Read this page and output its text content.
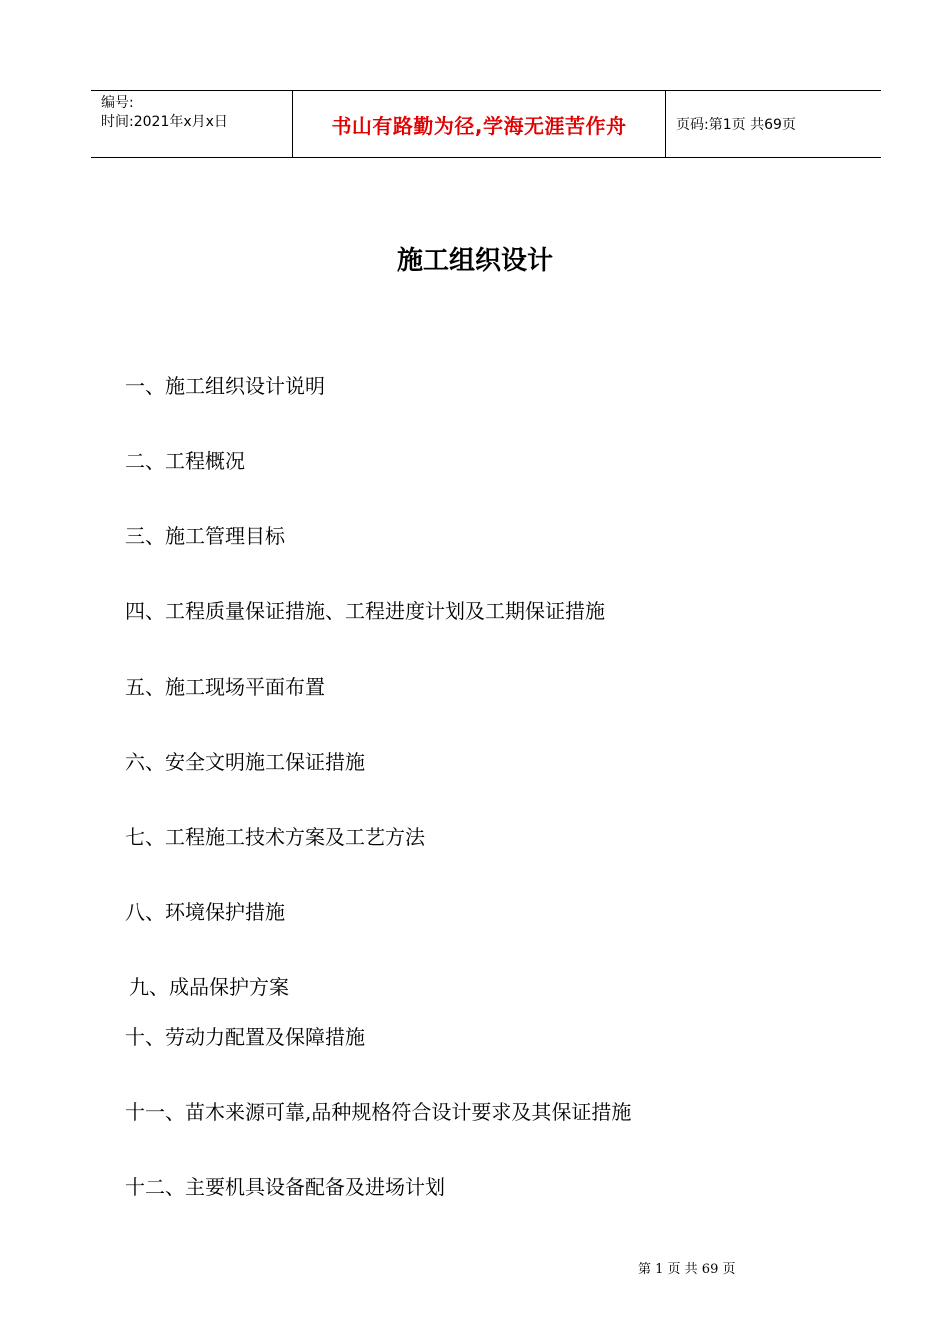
编号:
时间:2021年x月x日	书山有路勤为径,学海无涯苦作舟	页码:第1页 共69页
施工组织设计
一、施工组织设计说明
二、工程概况
三、施工管理目标
四、工程质量保证措施、工程进度计划及工期保证措施
五、施工现场平面布置
六、安全文明施工保证措施
七、工程施工技术方案及工艺方法
八、环境保护措施
九、成品保护方案
十、劳动力配置及保障措施
十一、苗木来源可靠,品种规格符合设计要求及其保证措施
十二、主要机具设备配备及进场计划
第 1 页 共 69 页
